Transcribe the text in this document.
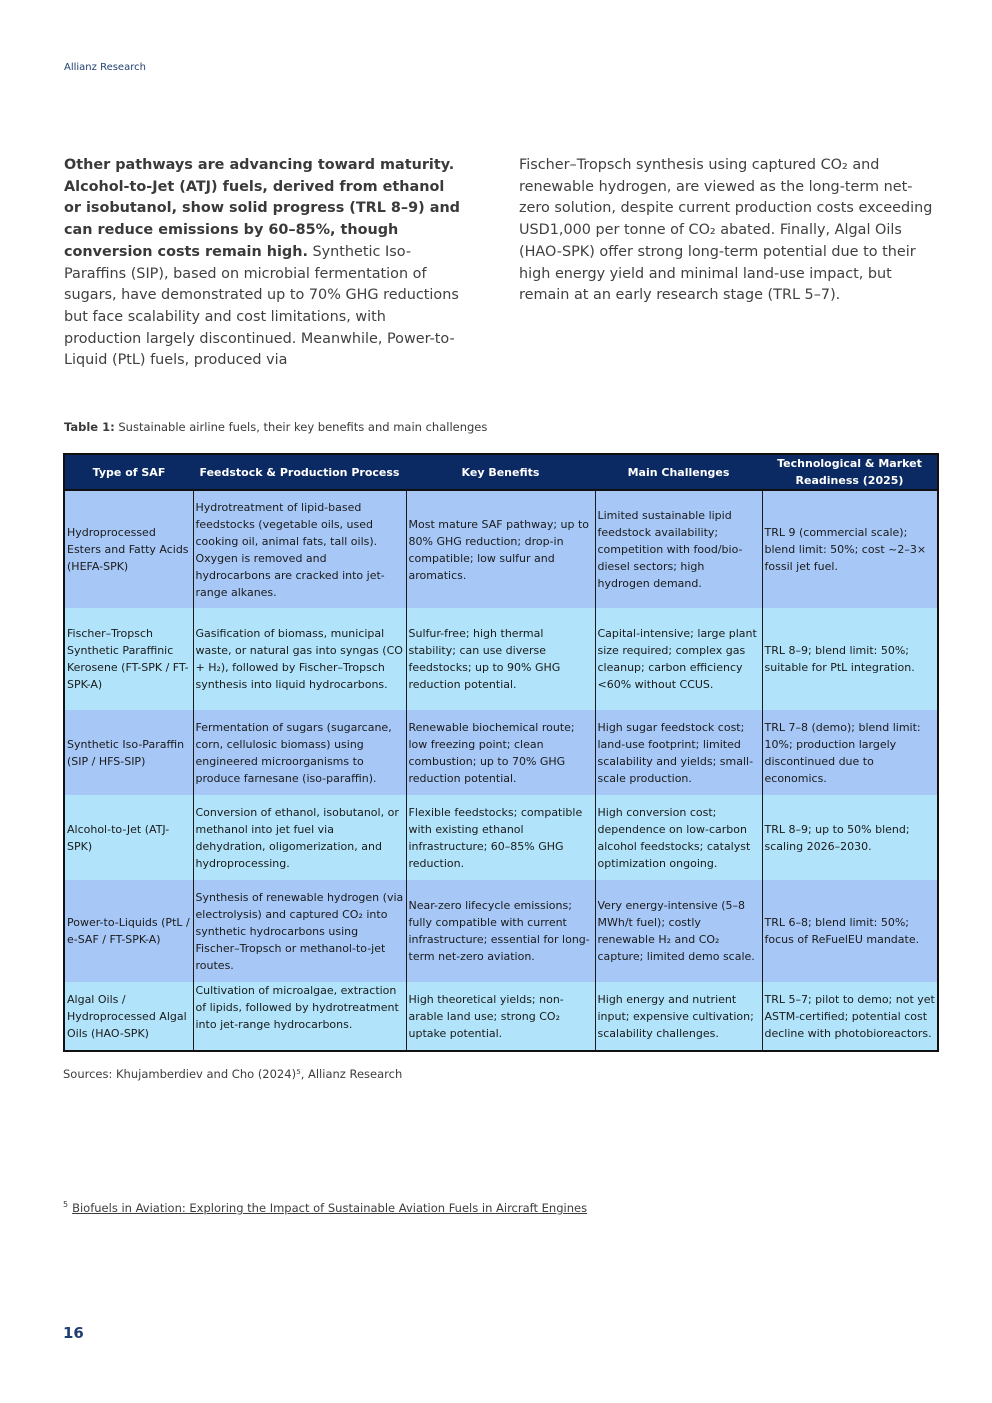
Allianz Research
Other pathways are advancing toward maturity. Alcohol-to-Jet (ATJ) fuels, derived from ethanol or isobutanol, show solid progress (TRL 8–9) and can reduce emissions by 60–85%, though conversion costs remain high. Synthetic Iso-Paraffins (SIP), based on microbial fermentation of sugars, have demonstrated up to 70% GHG reductions but face scalability and cost limitations, with production largely discontinued. Meanwhile, Power-to-Liquid (PtL) fuels, produced via
Fischer–Tropsch synthesis using captured CO₂ and renewable hydrogen, are viewed as the long-term net-zero solution, despite current production costs exceeding USD1,000 per tonne of CO₂ abated. Finally, Algal Oils (HAO-SPK) offer strong long-term potential due to their high energy yield and minimal land-use impact, but remain at an early research stage (TRL 5–7).
Table 1: Sustainable airline fuels, their key benefits and main challenges
Type of SAF	Feedstock & Production Process	Key Benefits	Main Challenges	Technological & Market Readiness (2025)
Hydroprocessed Esters and Fatty Acids (HEFA-SPK)	Hydrotreatment of lipid-based feedstocks (vegetable oils, used cooking oil, animal fats, tall oils). Oxygen is removed and hydrocarbons are cracked into jet-range alkanes.	Most mature SAF pathway; up to 80% GHG reduction; drop-in compatible; low sulfur and aromatics.	Limited sustainable lipid feedstock availability; competition with food/bio-diesel sectors; high hydrogen demand.	TRL 9 (commercial scale); blend limit: 50%; cost ~2–3× fossil jet fuel.
Fischer–Tropsch Synthetic Paraffinic Kerosene (FT-SPK / FT-SPK-A)	Gasification of biomass, municipal waste, or natural gas into syngas (CO + H₂), followed by Fischer–Tropsch synthesis into liquid hydrocarbons.	Sulfur-free; high thermal stability; can use diverse feedstocks; up to 90% GHG reduction potential.	Capital-intensive; large plant size required; complex gas cleanup; carbon efficiency <60% without CCUS.	TRL 8–9; blend limit: 50%; suitable for PtL integration.
Synthetic Iso-Paraffin (SIP / HFS-SIP)	Fermentation of sugars (sugarcane, corn, cellulosic biomass) using engineered microorganisms to produce farnesane (iso-paraffin).	Renewable biochemical route; low freezing point; clean combustion; up to 70% GHG reduction potential.	High sugar feedstock cost; land-use footprint; limited scalability and yields; small-scale production.	TRL 7–8 (demo); blend limit: 10%; production largely discontinued due to economics.
Alcohol-to-Jet (ATJ-SPK)	Conversion of ethanol, isobutanol, or methanol into jet fuel via dehydration, oligomerization, and hydroprocessing.	Flexible feedstocks; compatible with existing ethanol infrastructure; 60–85% GHG reduction.	High conversion cost; dependence on low-carbon alcohol feedstocks; catalyst optimization ongoing.	TRL 8–9; up to 50% blend; scaling 2026–2030.
Power-to-Liquids (PtL / e-SAF / FT-SPK-A)	Synthesis of renewable hydrogen (via electrolysis) and captured CO₂ into synthetic hydrocarbons using Fischer–Tropsch or methanol-to-jet routes.	Near-zero lifecycle emissions; fully compatible with current infrastructure; essential for long-term net-zero aviation.	Very energy-intensive (5–8 MWh/t fuel); costly renewable H₂ and CO₂ capture; limited demo scale.	TRL 6–8; blend limit: 50%; focus of ReFuelEU mandate.
Algal Oils / Hydroprocessed Algal Oils (HAO-SPK)	Cultivation of microalgae, extraction of lipids, followed by hydrotreatment into jet-range hydrocarbons.	High theoretical yields; non-arable land use; strong CO₂ uptake potential.	High energy and nutrient input; expensive cultivation; scalability challenges.	TRL 5–7; pilot to demo; not yet ASTM-certified; potential cost decline with photobioreactors.
Sources: Khujamberdiev and Cho (2024)⁵, Allianz Research
$^5$ Biofuels in Aviation: Exploring the Impact of Sustainable Aviation Fuels in Aircraft Engines
16
